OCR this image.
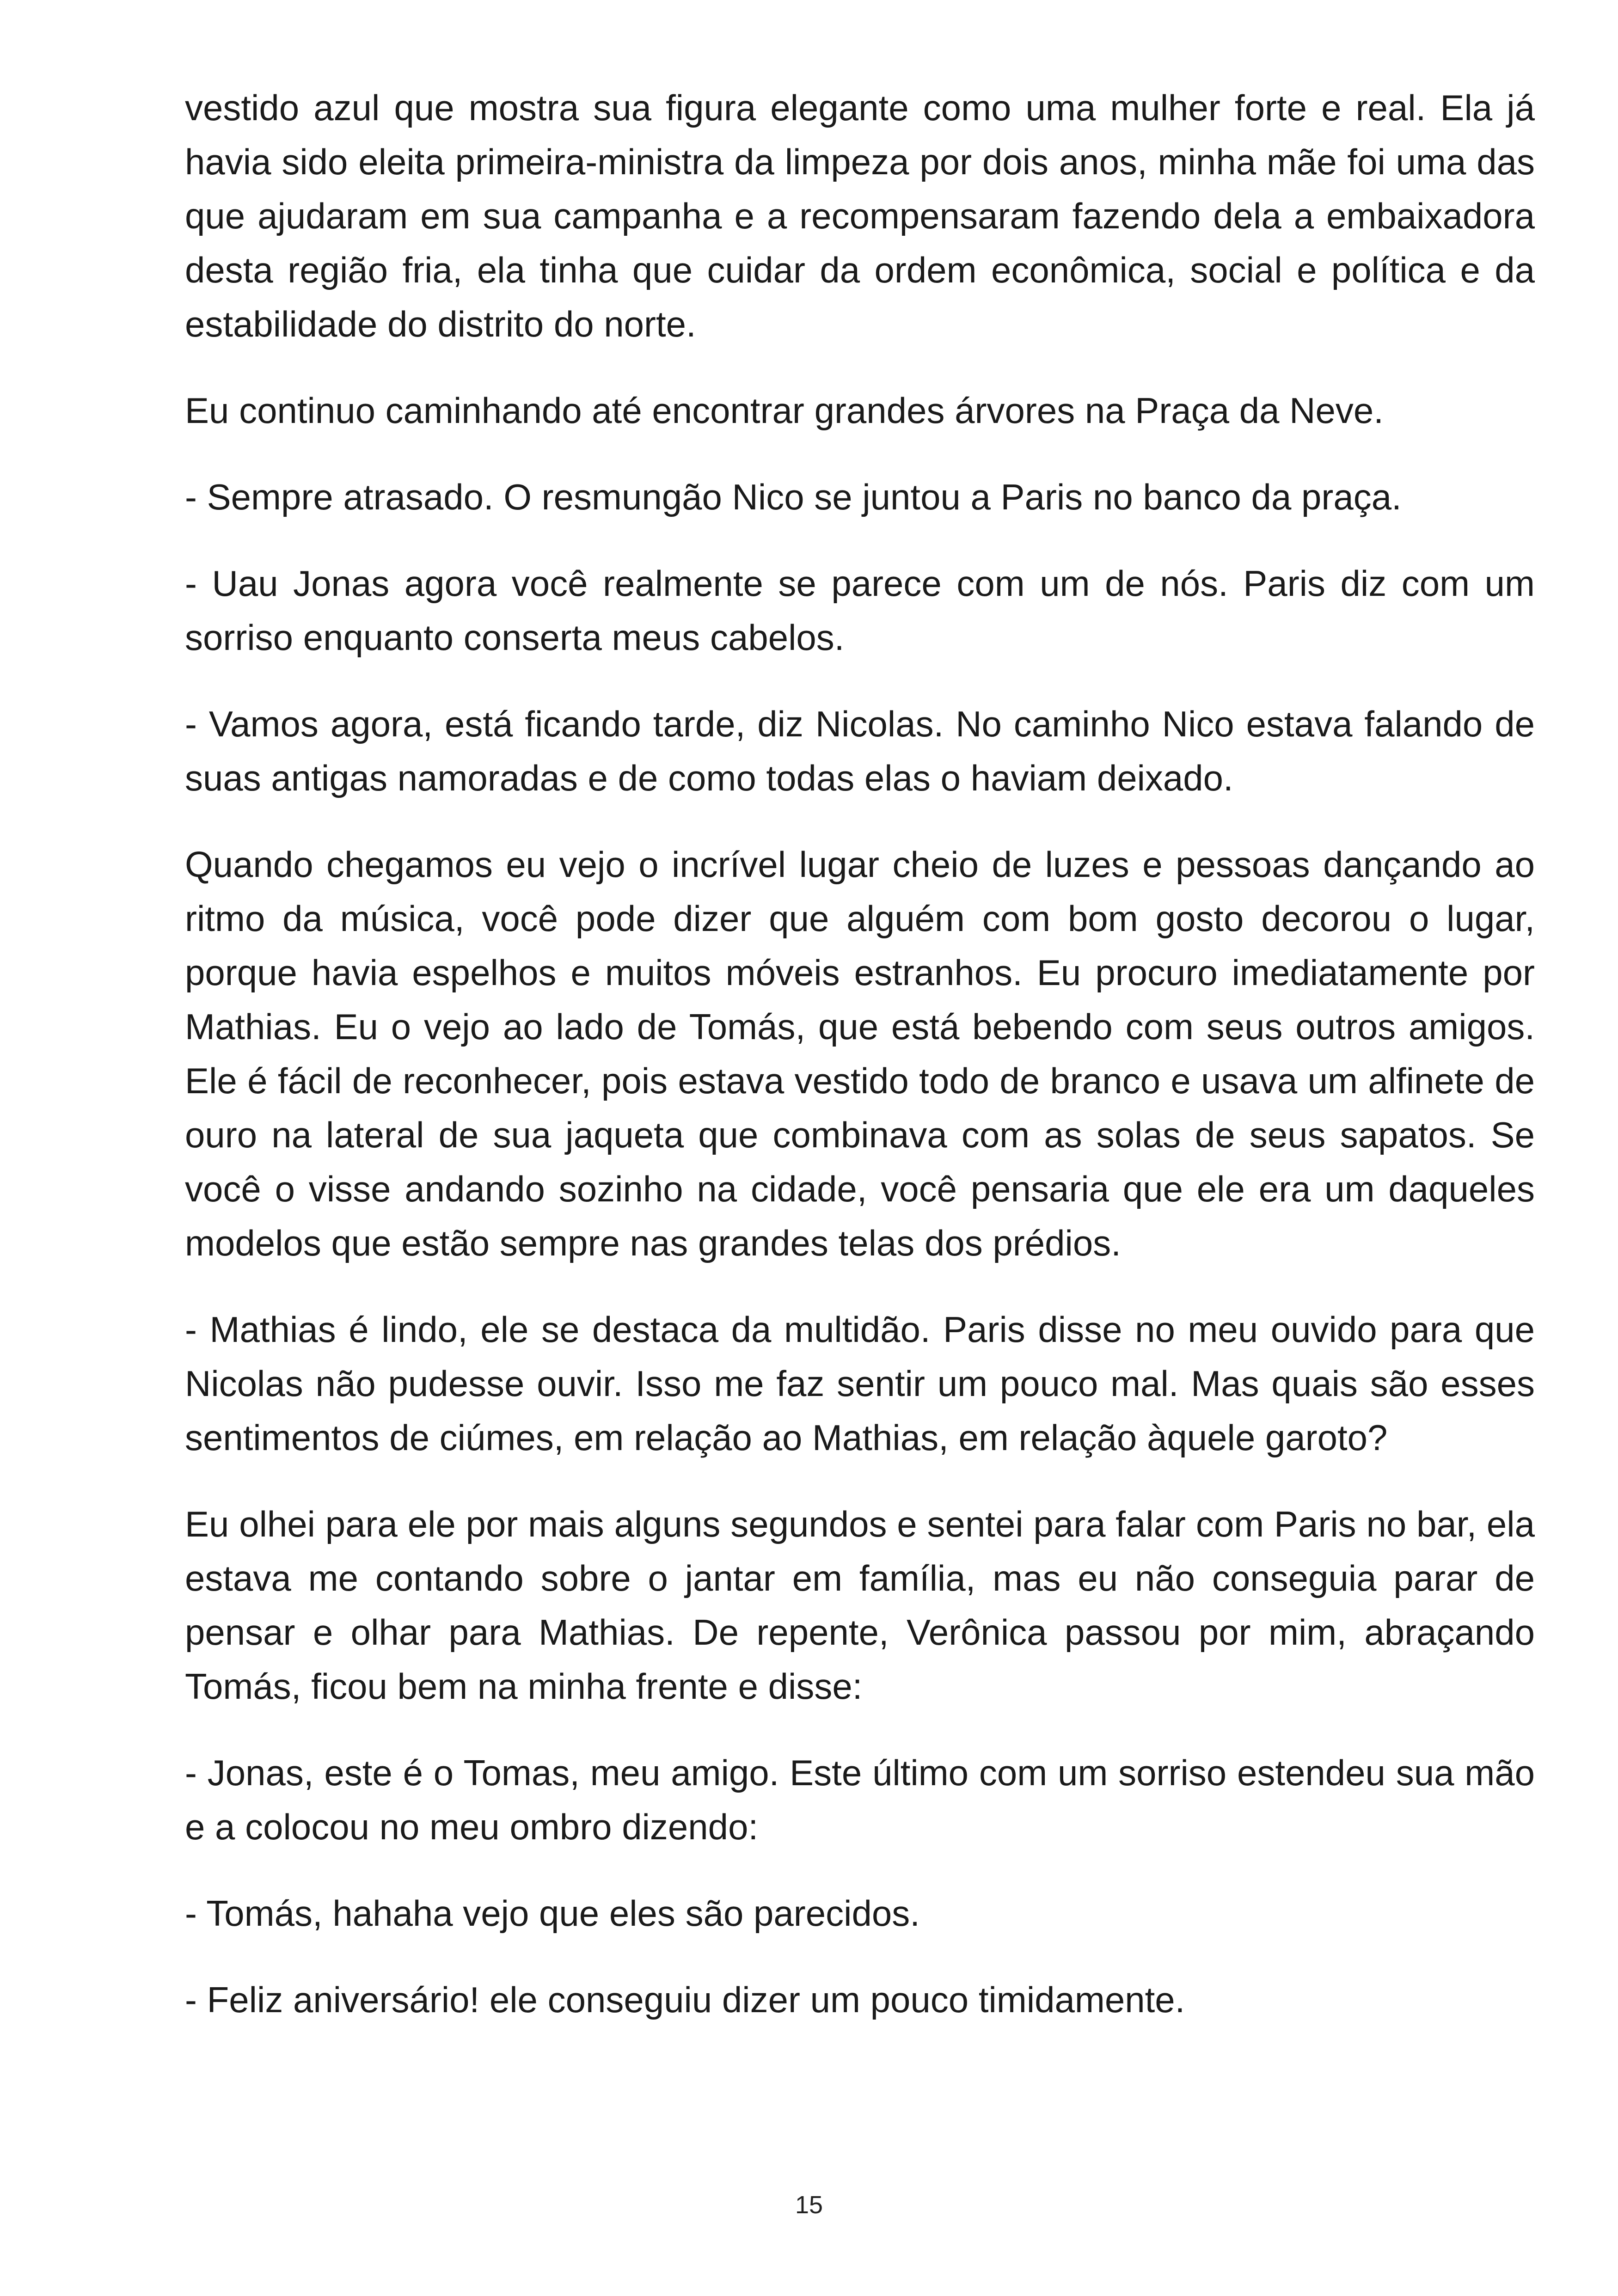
vestido azul que mostra sua figura elegante como uma mulher forte e real. Ela já havia sido eleita primeira-ministra da limpeza por dois anos, minha mãe foi uma das que ajudaram em sua campanha e a recompensaram fazendo dela a embaixadora desta região fria, ela tinha que cuidar da ordem econômica, social e política e da estabilidade do distrito do norte.

Eu continuo caminhando até encontrar grandes árvores na Praça da Neve.

- Sempre atrasado. O resmungão Nico se juntou a Paris no banco da praça.

- Uau Jonas agora você realmente se parece com um de nós. Paris diz com um sorriso enquanto conserta meus cabelos.

- Vamos agora, está ficando tarde, diz Nicolas. No caminho Nico estava falando de suas antigas namoradas e de como todas elas o haviam deixado.

Quando chegamos eu vejo o incrível lugar cheio de luzes e pessoas dançando ao ritmo da música, você pode dizer que alguém com bom gosto decorou o lugar, porque havia espelhos e muitos móveis estranhos. Eu procuro imediatamente por Mathias. Eu o vejo ao lado de Tomás, que está bebendo com seus outros amigos. Ele é fácil de reconhecer, pois estava vestido todo de branco e usava um alfinete de ouro na lateral de sua jaqueta que combinava com as solas de seus sapatos. Se você o visse andando sozinho na cidade, você pensaria que ele era um daqueles modelos que estão sempre nas grandes telas dos prédios.

- Mathias é lindo, ele se destaca da multidão. Paris disse no meu ouvido para que Nicolas não pudesse ouvir. Isso me faz sentir um pouco mal. Mas quais são esses sentimentos de ciúmes, em relação ao Mathias, em relação àquele garoto?

Eu olhei para ele por mais alguns segundos e sentei para falar com Paris no bar, ela estava me contando sobre o jantar em família, mas eu não conseguia parar de pensar e olhar para Mathias. De repente, Verônica passou por mim, abraçando Tomás, ficou bem na minha frente e disse:

- Jonas, este é o Tomas, meu amigo. Este último com um sorriso estendeu sua mão e a colocou no meu ombro dizendo:

- Tomás, hahaha vejo que eles são parecidos.

- Feliz aniversário! ele conseguiu dizer um pouco timidamente.

15
